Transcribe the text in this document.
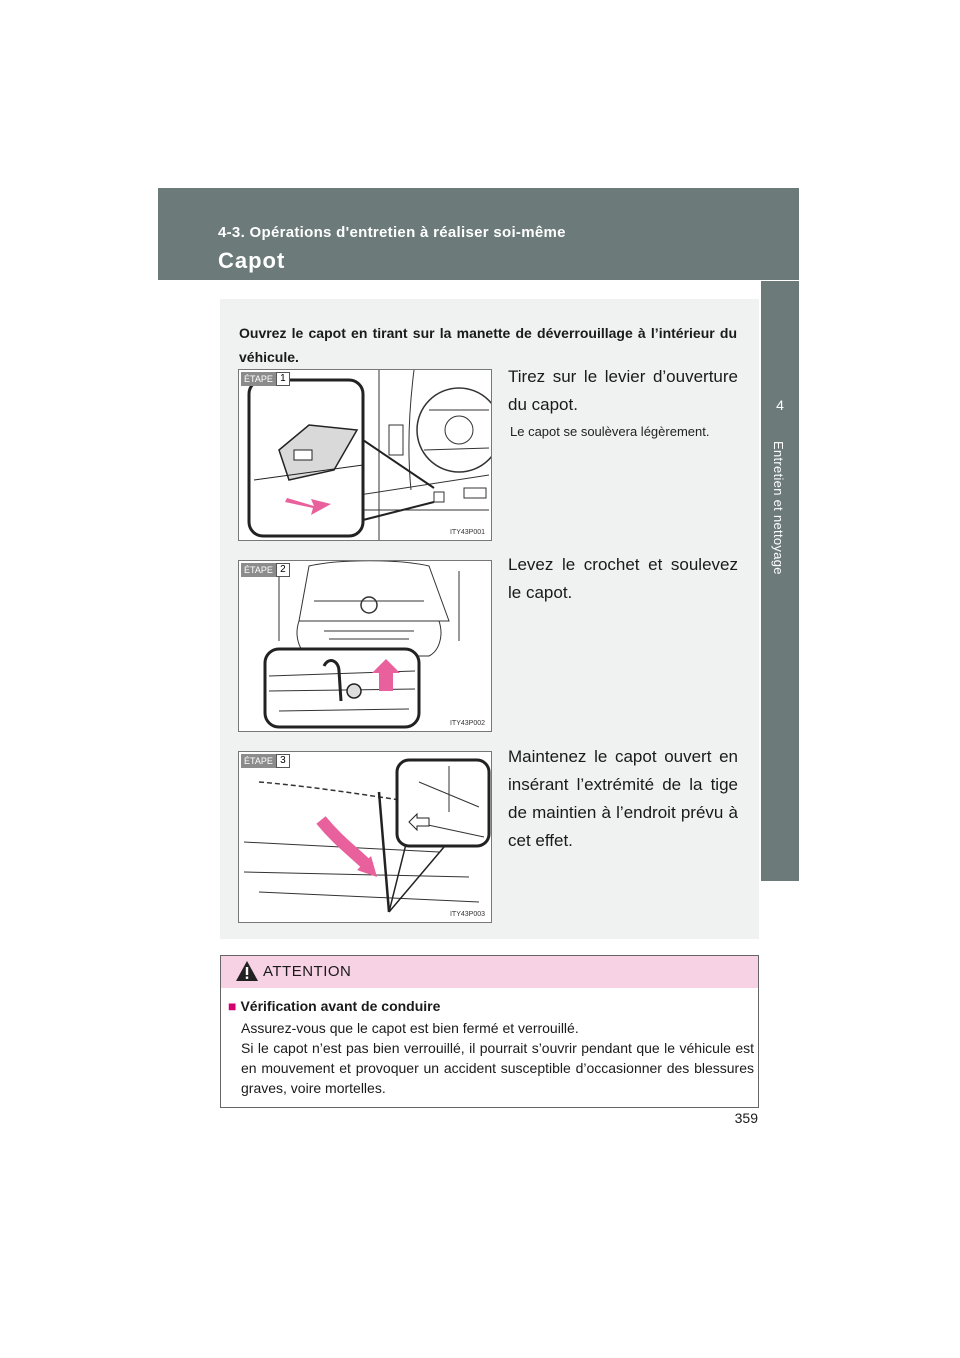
4-3. Opérations d'entretien à réaliser soi-même
Capot
4
Entretien et nettoyage
Ouvrez le capot en tirant sur la manette de déverrouillage à l’intérieur du véhicule.
ÉTAPE 1
ITY43P001
Tirez sur le levier d’ouverture du capot.
Le capot se soulèvera légèrement.
ÉTAPE 2
ITY43P002
Levez le crochet et soulevez le capot.
ÉTAPE 3
ITY43P003
Maintenez le capot ouvert en insérant l’extrémité de la tige de maintien à l’endroit prévu à cet effet.
ATTENTION
■ Vérification avant de conduire
Assurez-vous que le capot est bien fermé et verrouillé.
Si le capot n’est pas bien verrouillé, il pourrait s’ouvrir pendant que le véhicule est en mouvement et provoquer un accident susceptible d’occasionner des blessures graves, voire mortelles.
359
